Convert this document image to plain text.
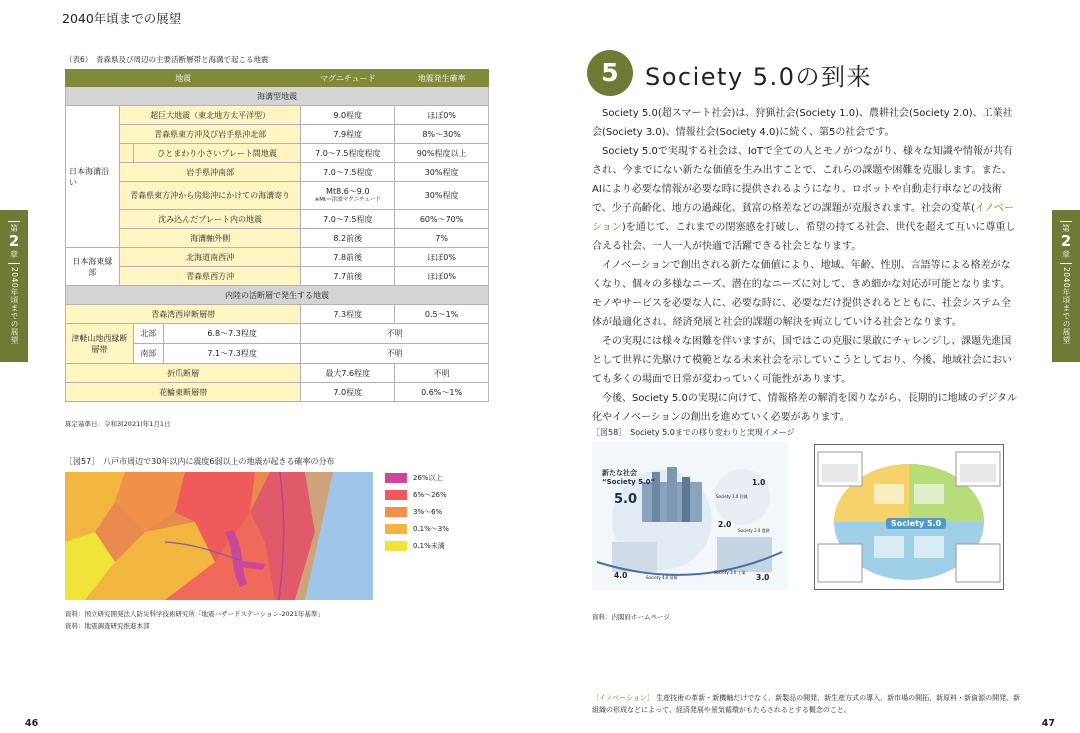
2040年頃までの展望
第
2
章
2040年頃までの展望
第
2
章
2040年頃までの展望
46	47
（表6）　青森県及び周辺の主要活断層帯と海溝で起こる地震
地震			マグニチュード	地震発生確率
海溝型地震				
日本海溝沿い	超巨大地震（東北地方太平洋型）		9.0程度	ほぼ0%
	青森県東方沖及び岩手県沖北部		7.9程度	8%〜30%
		ひとまわり小さいプレート間地震	7.0〜7.5程度程度	90%程度以上
	岩手県沖南部		7.0〜7.5程度	30%程度
	青森県東方沖から房総沖にかけての海溝寄り		Mt8.6〜9.0
※Mt＝津波マグニチュード	30%程度
	沈み込んだプレート内の地震		7.0〜7.5程度	60%〜70%
	海溝軸外側		8.2前後	7%
日本海東縁部	北海道南西沖		7.8前後	ほぼ0%
	青森県西方沖		7.7前後	ほぼ0%
内陸の活断層で発生する地震				
青森湾西岸断層帯			7.3程度	0.5〜1%
津軽山地西縁断層帯		北部 6.8〜7.3程度	不明	

南部 7.1〜7.3程度	不明	
折爪断層			最大7.6程度	不明
花輪東断層帯			7.0程度	0.6%〜1%
算定基準日：令和3(2021)年1月1日
［図57］　八戸市周辺で30年以内に震度6弱以上の地震が起きる確率の分布
26%以上
6%〜26%
3%〜6%
0.1%〜3%
0.1%未満
資料：国立研究開発法人防災科学技術研究所「地震ハザードステーション-2021年基準」
資料：地震調査研究推進本部
5	Society 5.0の到来

Society 5.0(超スマート社会)は、狩猟社会(Society 1.0)、農耕社会(Society 2.0)、工業社会(Society 3.0)、情報社会(Society 4.0)に続く、第5の社会です。

Society 5.0で実現する社会は、IoTで全ての人とモノがつながり、様々な知識や情報が共有され、今までにない新たな価値を生み出すことで、これらの課題や困難を克服します。また、AIにより必要な情報が必要な時に提供されるようになり、ロボットや自動走行車などの技術で、少子高齢化、地方の過疎化、貧富の格差などの課題が克服されます。社会の変革(イノベーション)を通じて、これまでの閉塞感を打破し、希望の持てる社会、世代を超えて互いに尊重し合える社会、一人一人が快適で活躍できる社会となります。

イノベーションで創出される新たな価値により、地域、年齢、性別、言語等による格差がなくなり、個々の多様なニーズ、潜在的なニーズに対して、きめ細かな対応が可能となります。モノやサービスを必要な人に、必要な時に、必要なだけ提供されるとともに、社会システム全体が最適化され、経済発展と社会的課題の解決を両立していける社会となります。

その実現には様々な困難を伴いますが、国ではこの克服に果敢にチャレンジし、課題先進国として世界に先駆けて模範となる未来社会を示していこうとしており、今後、地域社会においても多くの場面で日常が変わっていく可能性があります。

今後、Society 5.0の実現に向けて、情報格差の解消を図りながら、長期的に地域のデジタル化やイノベーションの創出を進めていく必要があります。

［図58］　Society 5.0までの移り変わりと実現イメージ
新たな社会
“Society 5.0”
5.0
1.0
Society 1.0 狩猟
2.0
Society 2.0 農耕
3.0
Society 3.0 工業
4.0	Society 4.0 情報
Society 5.0
資料：内閣府ホームページ
［イノベーション］ 生産技術の革新・新機軸だけでなく、新製品の開発、新生産方式の導入、新市場の開拓、新原料・新資源の開発、新組織の形成などによって、経済発展や景気循環がもたらされるとする概念のこと。
